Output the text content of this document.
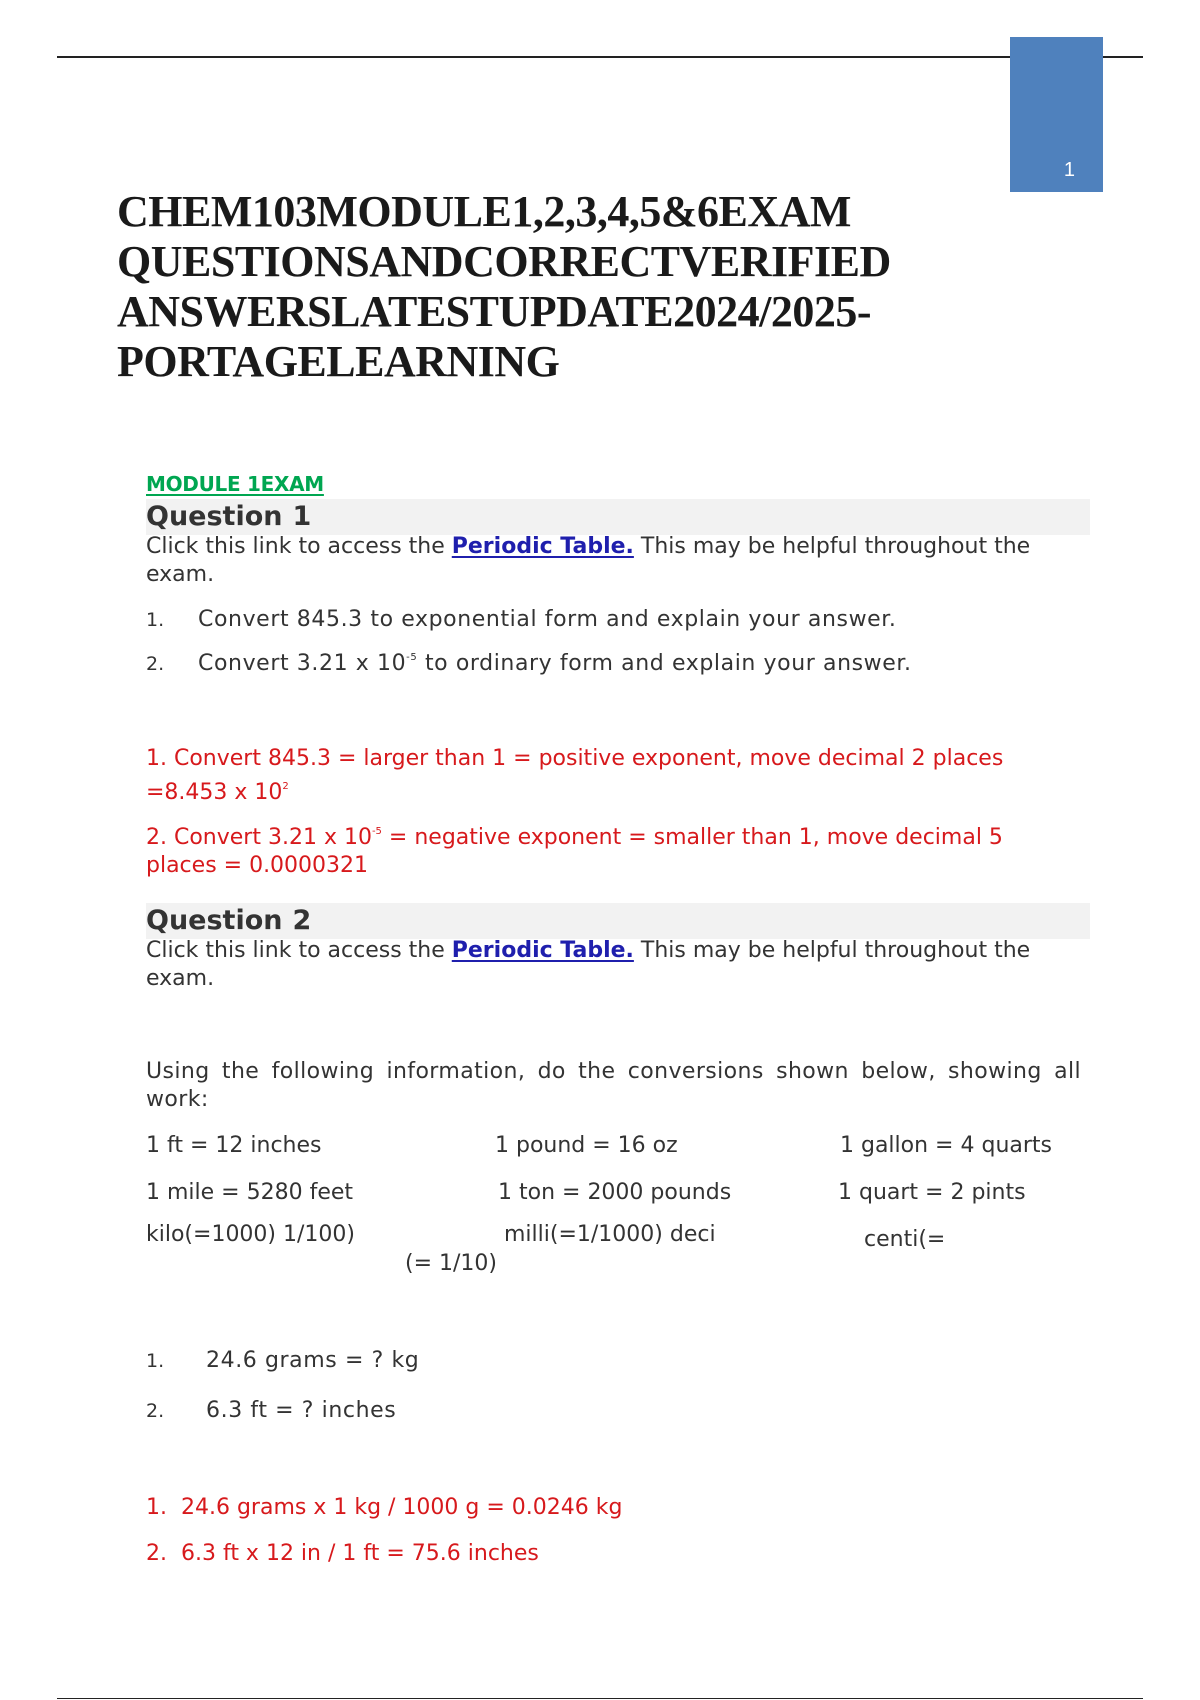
1
CHEM103MODULE1,2,3,4,5&6EXAM QUESTIONSANDCORRECTVERIFIED ANSWERSLATESTUPDATE2024/2025- PORTAGELEARNING
MODULE 1EXAM
Question 1
Click this link to access the Periodic Table. This may be helpful throughout the exam.
1. Convert 845.3 to exponential form and explain your answer.
2. Convert 3.21 x $10^{-5}$ to ordinary form and explain your answer.
1. Convert 845.3 = larger than 1 = positive exponent, move decimal 2 places =8.453 x $10^2$
2. Convert 3.21 x $10^{-5}$ = negative exponent = smaller than 1, move decimal 5 places = 0.0000321
Question 2
Click this link to access the Periodic Table. This may be helpful throughout the exam.
Using the following information, do the conversions shown below, showing all work:
1 ft = 12 inches	1 pound = 16 oz	1 gallon = 4 quarts
1 mile = 5280 feet	1 ton = 2000 pounds	1 quart = 2 pints
kilo(=1000) 1/100)	milli(=1/1000) deci	centi(=
(= 1/10)
1. 24.6 grams = ? kg
2. 6.3 ft = ? inches
1.  24.6 grams x 1 kg / 1000 g = 0.0246 kg
2.  6.3 ft x 12 in / 1 ft = 75.6 inches
